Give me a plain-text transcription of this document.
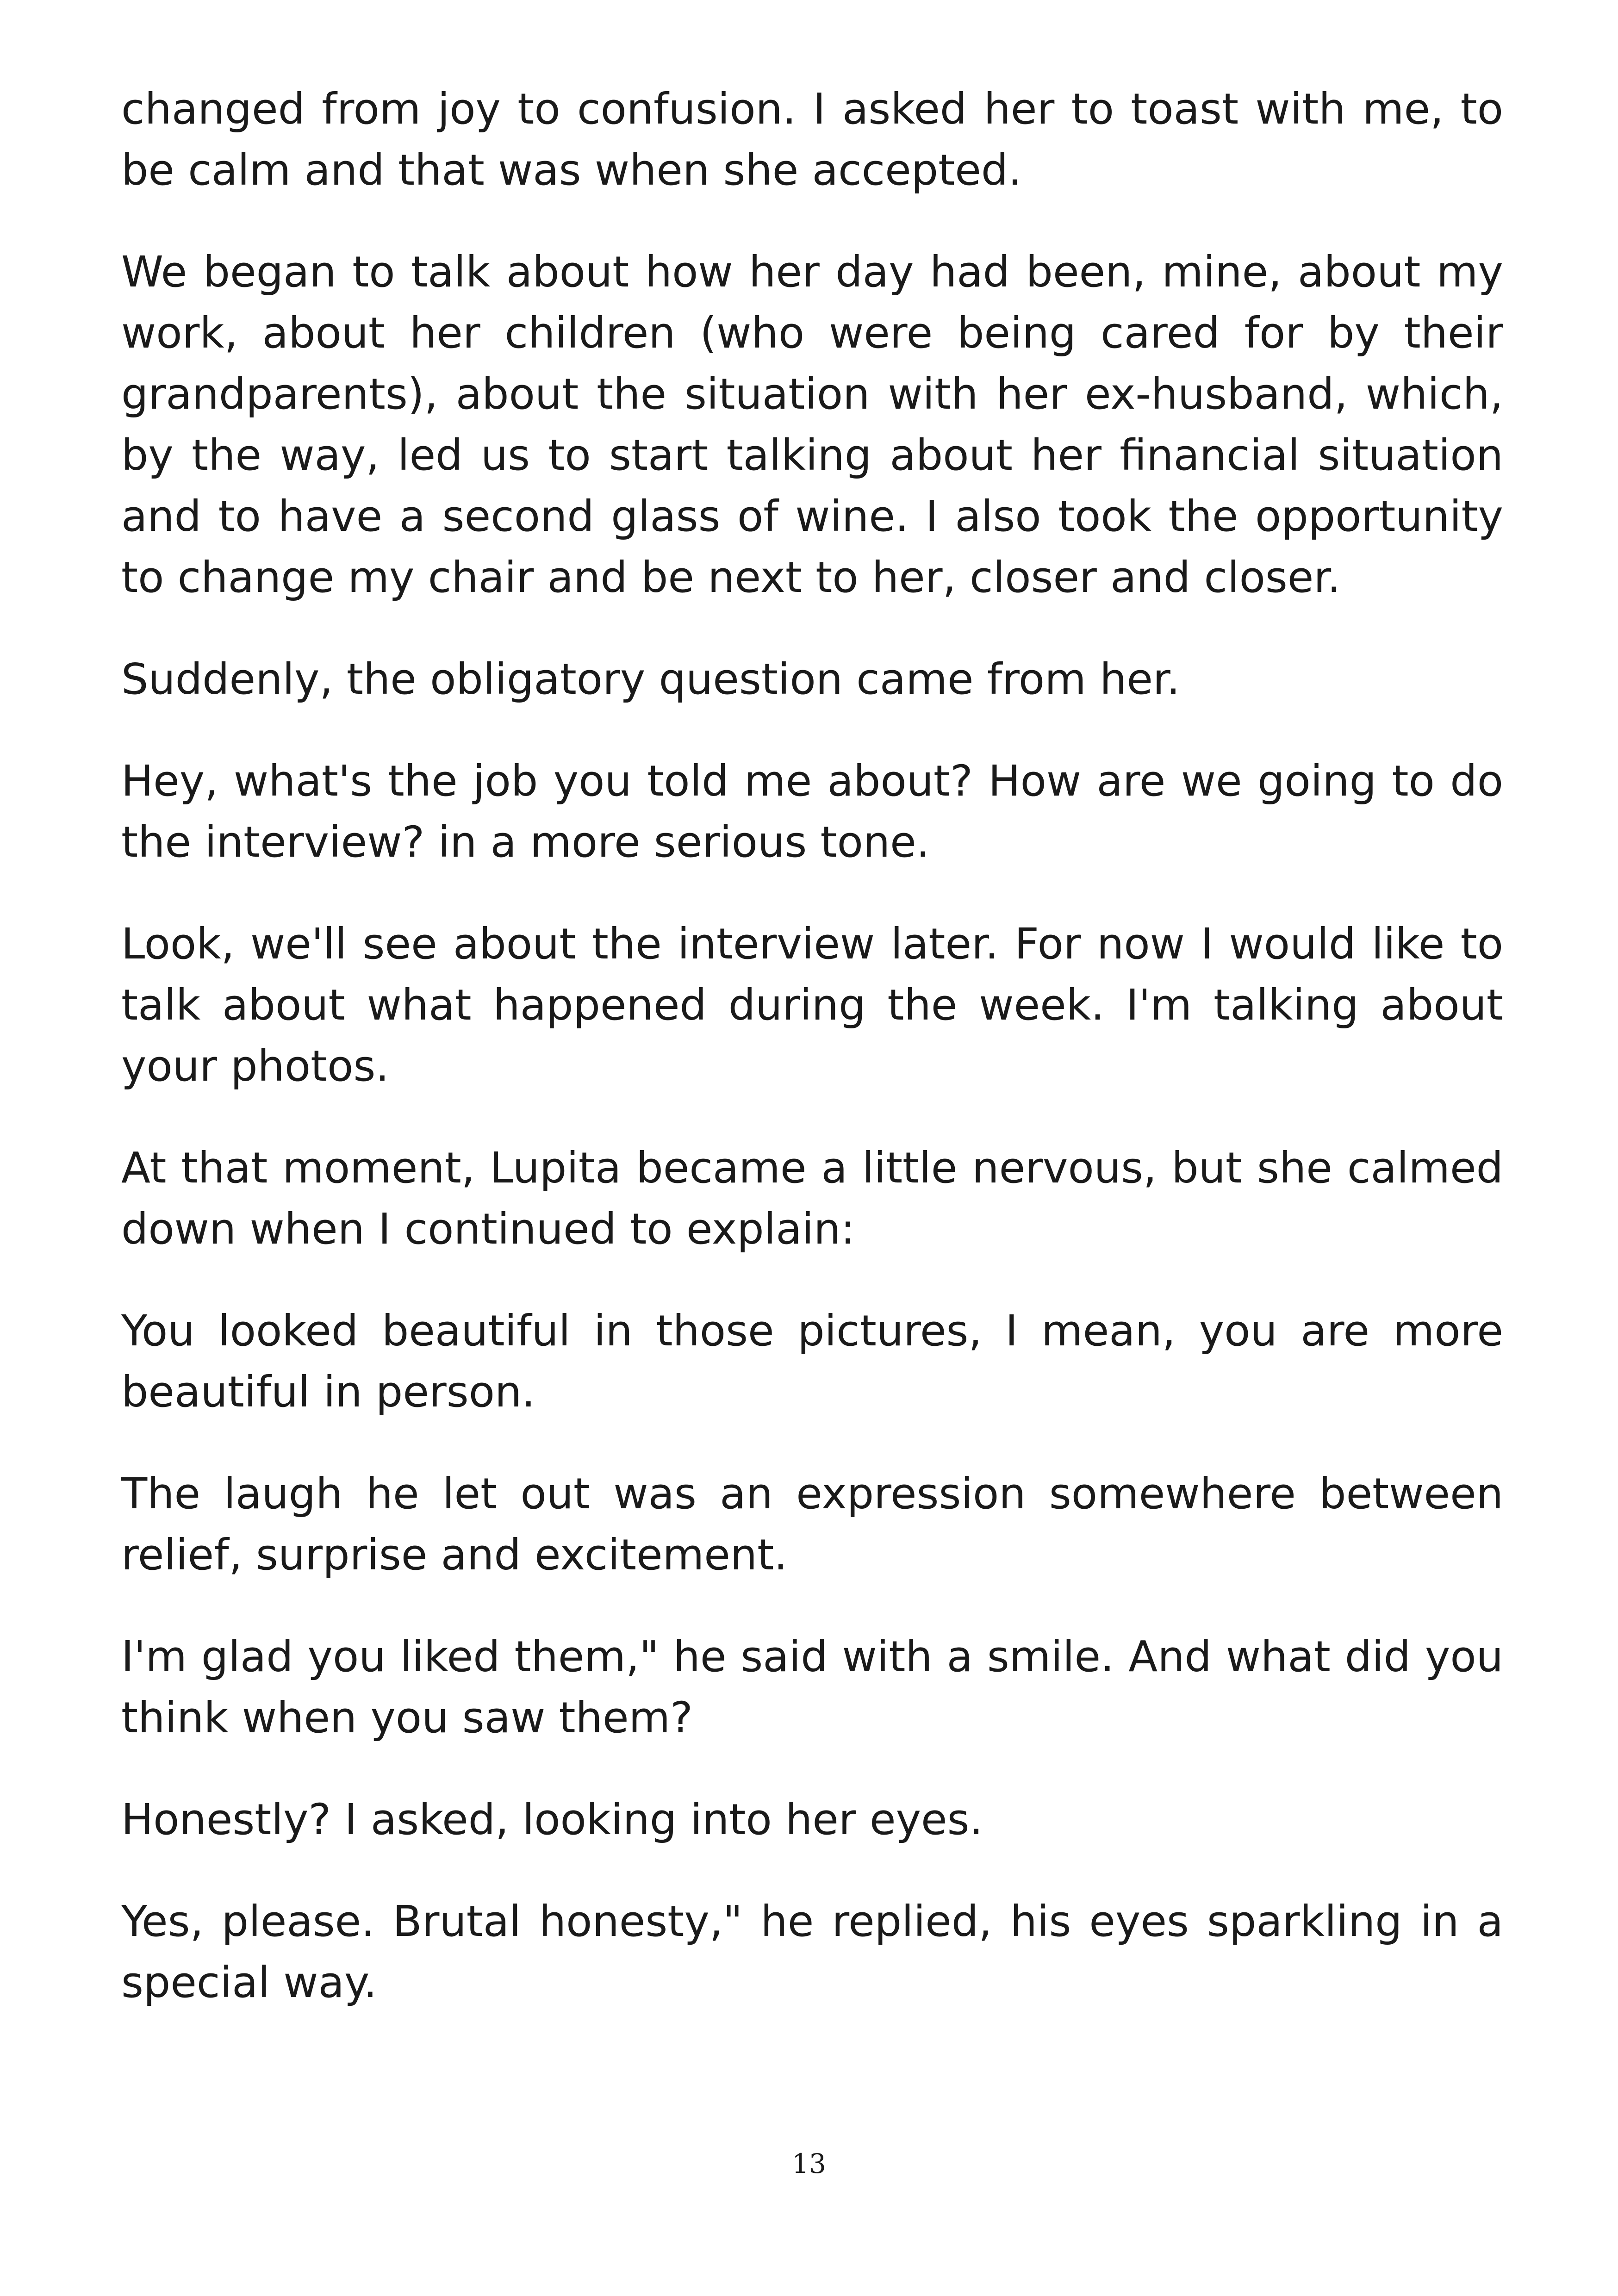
changed from joy to confusion. I asked her to toast with me, to be calm and that was when she accepted.

We began to talk about how her day had been, mine, about my work, about her children (who were being cared for by their grandparents), about the situation with her ex-husband, which, by the way, led us to start talking about her financial situation and to have a second glass of wine. I also took the opportunity to change my chair and be next to her, closer and closer.

Suddenly, the obligatory question came from her.

Hey, what's the job you told me about? How are we going to do the interview? in a more serious tone.

Look, we'll see about the interview later. For now I would like to talk about what happened during the week. I'm talking about your photos.

At that moment, Lupita became a little nervous, but she calmed down when I continued to explain:

You looked beautiful in those pictures, I mean, you are more beautiful in person.

The laugh he let out was an expression somewhere between relief, surprise and excitement.

I'm glad you liked them," he said with a smile. And what did you think when you saw them?

Honestly? I asked, looking into her eyes.

Yes, please. Brutal honesty," he replied, his eyes sparkling in a special way.

13
